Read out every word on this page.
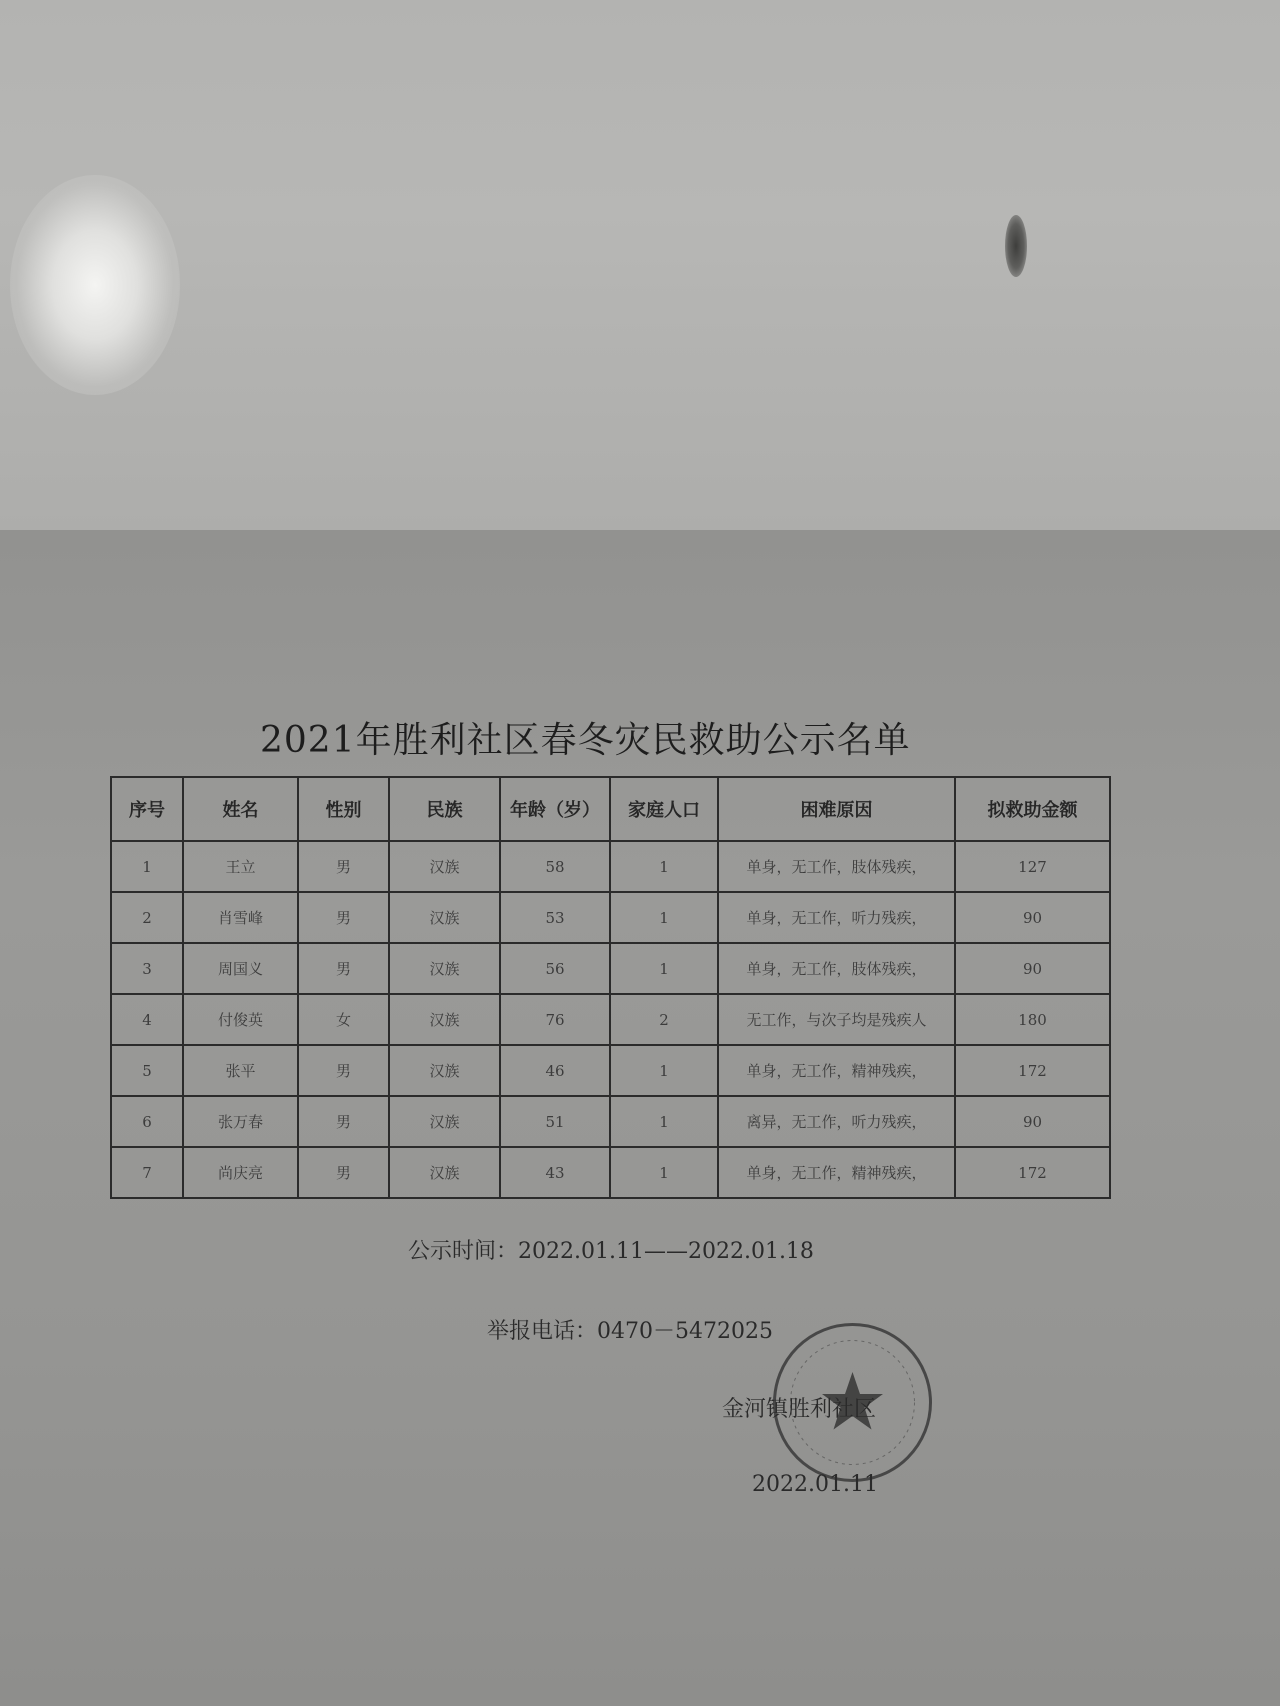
2021年胜利社区春冬灾民救助公示名单
序号	姓名	性别	民族	年龄（岁）	家庭人口	困难原因	拟救助金额
1	王立	男	汉族	58	1	单身，无工作，肢体残疾，	127
2	肖雪峰	男	汉族	53	1	单身，无工作，听力残疾，	90
3	周国义	男	汉族	56	1	单身，无工作，肢体残疾，	90
4	付俊英	女	汉族	76	2	无工作，与次子均是残疾人	180
5	张平	男	汉族	46	1	单身，无工作，精神残疾，	172
6	张万春	男	汉族	51	1	离异，无工作，听力残疾，	90
7	尚庆亮	男	汉族	43	1	单身，无工作，精神残疾，	172
公示时间：2022.01.11——2022.01.18
举报电话：0470－5472025
金河镇胜利社区
2022.01.11
